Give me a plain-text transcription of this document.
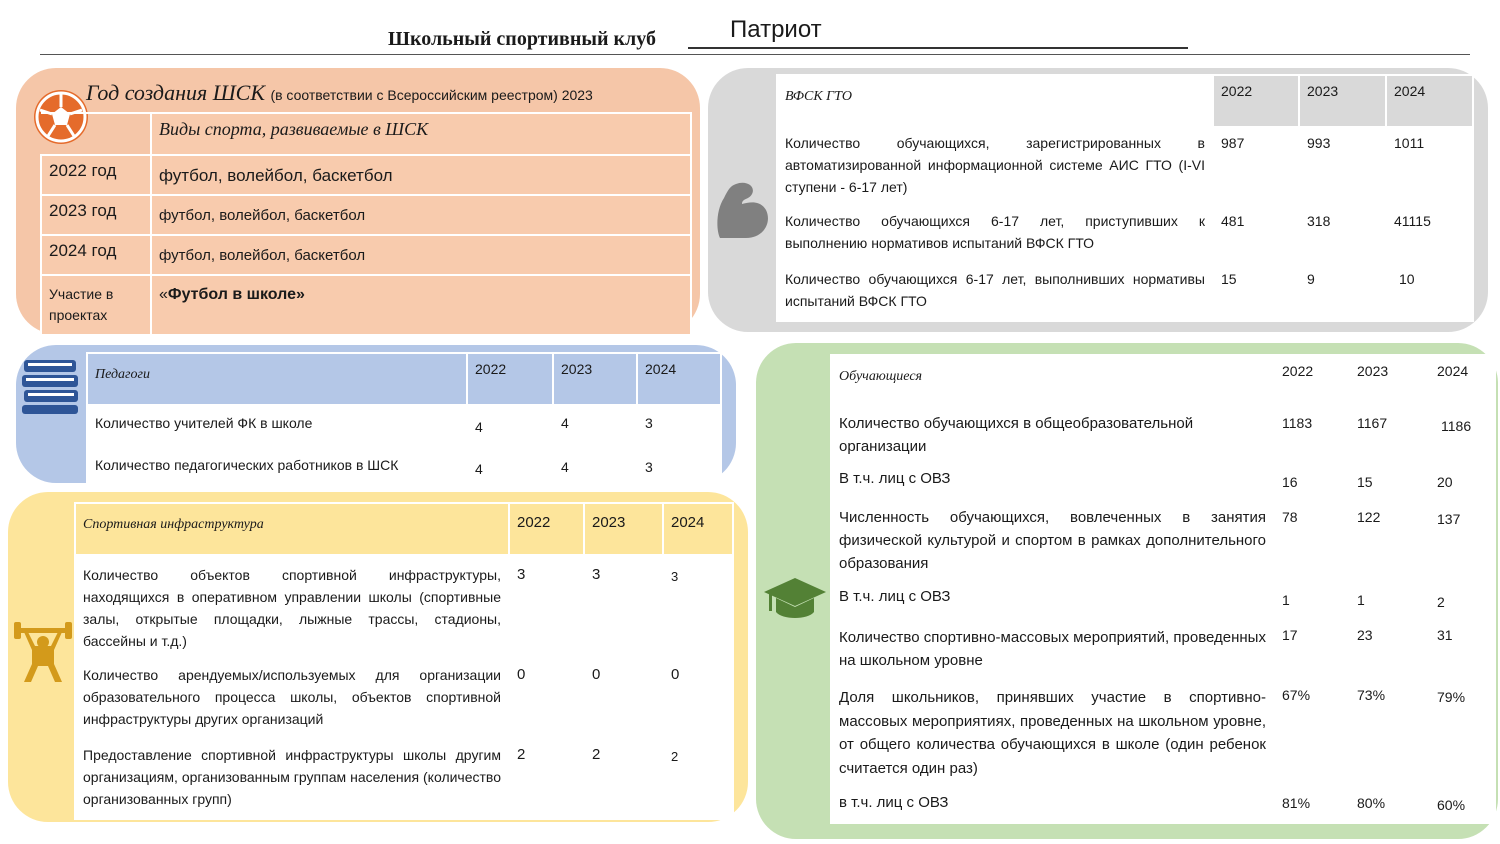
Школьный спортивный клуб	Патриот
Год создания ШСК (в соответствии с Всероссийским реестром) 2023
	Виды спорта, развиваемые в ШСК
2022 год	футбол, волейбол, баскетбол
2023 год	футбол, волейбол, баскетбол
2024 год	футбол, волейбол, баскетбол
Участие в проектах	«Футбол в школе»
ВФСК ГТО	2022	2023	2024
Количество обучающихся, зарегистрированных в автоматизированной информационной системе АИС ГТО (I-VI ступени - 6-17 лет)	987	993	1011
Количество обучающихся 6-17 лет, приступивших к выполнению нормативов испытаний ВФСК ГТО	481	318	41115
Количество обучающихся 6-17 лет, выполнивших нормативы испытаний ВФСК ГТО	15	9	10
Педагоги	2022	2023	2024
Количество учителей ФК в школе	4	4	3
Количество педагогических работников в ШСК	4	4	3
Спортивная инфраструктура	2022	2023	2024
Количество объектов спортивной инфраструктуры, находящихся в оперативном управлении школы (спортивные залы, открытые площадки, лыжные трассы, стадионы, бассейны и т.д.)	3	3	3
Количество арендуемых/используемых для организации образовательного процесса школы, объектов спортивной инфраструктуры других организаций	0	0	0
Предоставление спортивной инфраструктуры школы другим организациям, организованным группам населения (количество организованных групп)	2	2	2
Обучающиеся	2022	2023	2024
Количество обучающихся в общеобразовательной организации	1183	1167	1186
В т.ч. лиц с ОВЗ	16	15	20
Численность обучающихся, вовлеченных в занятия физической культурой и спортом в рамках дополнительного образования	78	122	137
В т.ч. лиц с ОВЗ	1	1	2
Количество спортивно-массовых мероприятий, проведенных на школьном уровне	17	23	31
Доля школьников, принявших участие в спортивно-массовых мероприятиях, проведенных на школьном уровне, от общего количества обучающихся в школе (один ребенок считается один раз)	67%	73%	79%
в т.ч. лиц с ОВЗ	81%	80%	60%
